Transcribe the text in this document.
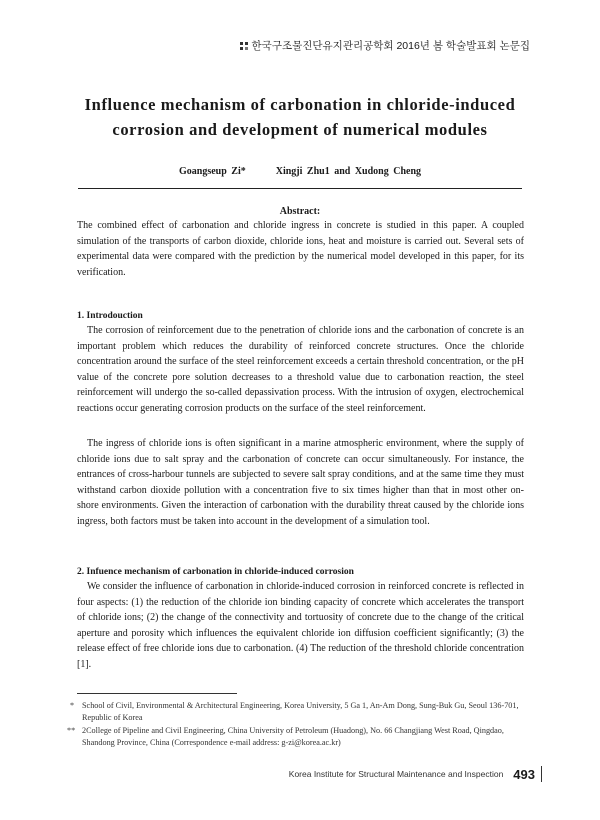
한국구조물진단유지관리공학회 2016년 봄 학술발표회 논문집
Influence mechanism of carbonation in chloride-induced
corrosion and development of numerical modules
Goangseup Zi*	Xingji Zhu1 and Xudong Cheng
Abstract:
The combined effect of carbonation and chloride ingress in concrete is studied in this paper. A coupled simulation of the transports of carbon dioxide, chloride ions, heat and moisture is carried out. Several sets of experimental data were compared with the prediction by the numerical model developed in this paper, for its verification.
1. Introdouction
The corrosion of reinforcement due to the penetration of chloride ions and the carbonation of concrete is an important problem which reduces the durability of reinforced concrete structures. Once the chloride concentration around the surface of the steel reinforcement exceeds a certain threshold concentration, or the pH value of the concrete pore solution decreases to a threshold value due to carbonation reaction, the steel reinforcement will undergo the so-called depassivation process. With the intrusion of oxygen, electrochemical reactions occur generating corrosion products on the surface of the steel reinforcement.
The ingress of chloride ions is often significant in a marine atmospheric environment, where the supply of chloride ions due to salt spray and the carbonation of concrete can occur simultaneously. For instance, the entrances of cross-harbour tunnels are subjected to severe salt spray conditions, and at the same time they must withstand carbon dioxide pollution with a concentration five to six times higher than that in most other on-shore environments. Given the interaction of carbonation with the durability threat caused by the chloride ions ingress, both factors must be taken into account in the development of a simulation tool.
2. Infuence mechanism of carbonation in chloride-induced corrosion
We consider the influence of carbonation in chloride-induced corrosion in reinforced concrete is reflected in four aspects: (1) the reduction of the chloride ion binding capacity of concrete which accelerates the transport of chloride ions; (2) the change of the connectivity and tortuosity of concrete due to the change of the critical aperture and porosity which influences the equivalent chloride ion diffusion coefficient significantly; (3) the release effect of free chloride ions due to carbonation. (4) The reduction of the threshold chloride concentration [1].
* School of Civil, Environmental & Architectural Engineering, Korea University, 5 Ga 1, An-Am Dong, Sung-Buk Gu, Seoul 136-701, Republic of Korea
** 2College of Pipeline and Civil Engineering, China University of Petroleum (Huadong), No. 66 Changjiang West Road, Qingdao, Shandong Province, China (Correspondence e-mail address: g-zi@korea.ac.kr)
Korea Institute for Structural Maintenance and Inspection 493
